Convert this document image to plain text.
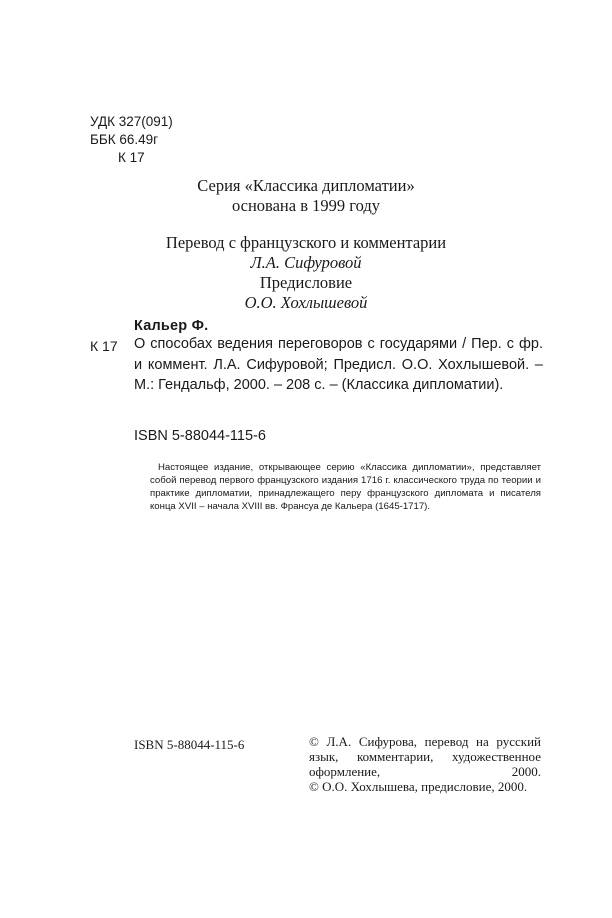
УДК 327(091)
ББК 66.49г
К 17
Серия «Классика дипломатии»
основана в 1999 году
Перевод с французского и комментарии
Л.А. Сифуровой
Предисловие
О.О. Хохлышевой
Кальер Ф.
К 17 О способах ведения переговоров с государями / Пер. с фр. и коммент. Л.А. Сифуровой; Предисл. О.О. Хохлышевой. – М.: Гендальф, 2000. – 208 с. – (Классика дипломатии).
ISBN 5-88044-115-6
Настоящее издание, открывающее серию «Классика дипломатии», представляет собой перевод первого французского издания 1716 г. классического труда по теории и практике дипломатии, принадлежащего перу французского дипломата и писателя конца XVII – начала XVIII вв. Франсуа де Кальера (1645-1717).
ISBN 5-88044-115-6	© Л.А. Сифурова, перевод на русский язык, комментарии, художественное оформление, 2000.
© О.О. Хохлышева, предисловие, 2000.
